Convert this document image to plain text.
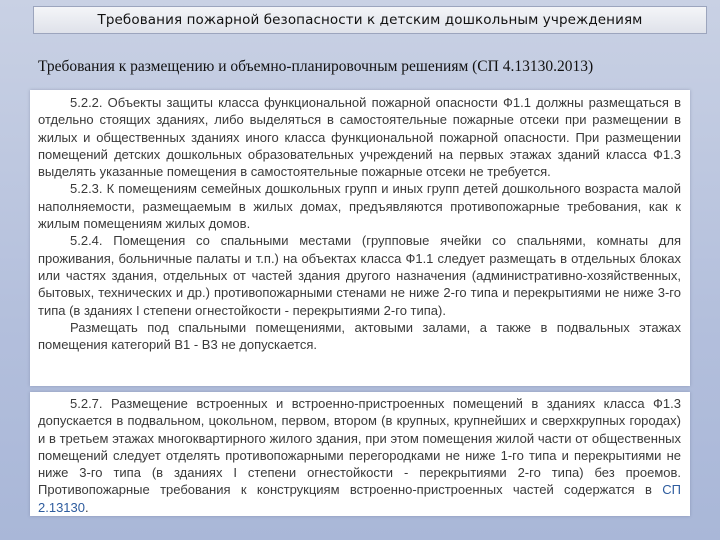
Требования пожарной безопасности к детским дошкольным учреждениям
Требования к размещению и объемно-планировочным решениям (СП 4.13130.2013)

5.2.2. Объекты защиты класса функциональной пожарной опасности Ф1.1 должны размещаться в отдельно стоящих зданиях, либо выделяться в самостоятельные пожарные отсеки при размещении в жилых и общественных зданиях иного класса функциональной пожарной опасности. При размещении помещений детских дошкольных образовательных учреждений на первых этажах зданий класса Ф1.3 выделять указанные помещения в самостоятельные пожарные отсеки не требуется.

5.2.3. К помещениям семейных дошкольных групп и иных групп детей дошкольного возраста малой наполняемости, размещаемым в жилых домах, предъявляются противопожарные требования, как к жилым помещениям жилых домов.

5.2.4. Помещения со спальными местами (групповые ячейки со спальнями, комнаты для проживания, больничные палаты и т.п.) на объектах класса Ф1.1 следует размещать в отдельных блоках или частях здания, отдельных от частей здания другого назначения (административно-хозяйственных, бытовых, технических и др.) противопожарными стенами не ниже 2-го типа и перекрытиями не ниже 3-го типа (в зданиях I степени огнестойкости - перекрытиями 2-го типа).

Размещать под спальными помещениями, актовыми залами, а также в подвальных этажах помещения категорий В1 - В3 не допускается.

5.2.7. Размещение встроенных и встроенно-пристроенных помещений в зданиях класса Ф1.3 допускается в подвальном, цокольном, первом, втором (в крупных, крупнейших и сверхкрупных городах) и в третьем этажах многоквартирного жилого здания, при этом помещения жилой части от общественных помещений следует отделять противопожарными перегородками не ниже 1-го типа и перекрытиями не ниже 3-го типа (в зданиях I степени огнестойкости - перекрытиями 2-го типа) без проемов. Противопожарные требования к конструкциям встроенно-пристроенных частей содержатся в СП 2.13130.
